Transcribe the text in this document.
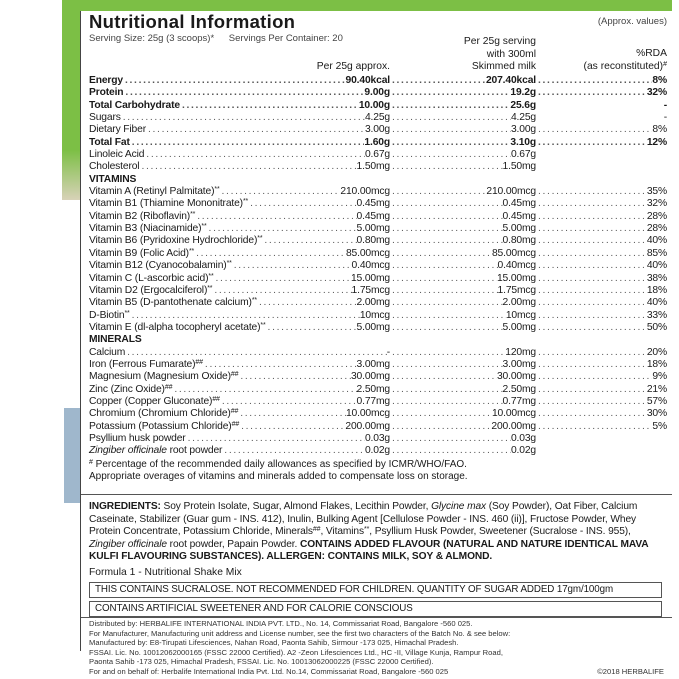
Nutritional Information	(Approx. values)
Serving Size: 25g (3 scoops)* Servings Per Container: 20
Per 25g approx.
Per 25g serving
with 300ml
Skimmed milk
%RDA
(as reconstituted)#
Energy . . .	90.40kcal . . .	207.40kcal . . .	8%
Protein . . .	9.00g . . .	19.2g . . .	32%
Total Carbohydrate . . .	10.00g . . .	25.6g	-
Sugars . . .	4.25g . . .	4.25g	-
Dietary Fiber . . .	3.00g . . .	3.00g . . .	8%
Total Fat . . .	1.60g . . .	3.10g . . .	12%
Linoleic Acid . . .	0.67g . . .	0.67g
Cholesterol . . .	1.50mg . . .	1.50mg
VITAMINS
Vitamin A (Retinyl Palmitate)** . . .	210.00mcg . . .	210.00mcg . . .	35%
Vitamin B1 (Thiamine Mononitrate)** . . .	0.45mg . . .	0.45mg . . .	32%
Vitamin B2 (Riboflavin)** . . .	0.45mg . . .	0.45mg . . .	28%
Vitamin B3 (Niacinamide)** . . .	5.00mg . . .	5.00mg . . .	28%
Vitamin B6 (Pyridoxine Hydrochloride)** . . .	0.80mg . . .	0.80mg . . .	40%
Vitamin B9 (Folic Acid)** . . .	85.00mcg . . .	85.00mcg . . .	85%
Vitamin B12 (Cyanocobalamin)** . . .	0.40mcg . . .	0.40mcg . . .	40%
Vitamin C (L-ascorbic acid)** . . .	15.00mg . . .	15.00mg . . .	38%
Vitamin D2 (Ergocalciferol)** . . .	1.75mcg . . .	1.75mcg . . .	18%
Vitamin B5 (D-pantothenate calcium)** . . .	2.00mg . . .	2.00mg . . .	40%
D-Biotin** . . .	10mcg . . .	10mcg . . .	33%
Vitamin E (dl-alpha tocopheryl acetate)** . . .	5.00mg . . .	5.00mg . . .	50%
MINERALS
Calcium . . .	- . . .	120mg . . .	20%
Iron (Ferrous Fumarate)## . . .	3.00mg . . .	3.00mg . . .	18%
Magnesium (Magnesium Oxide)## . . .	30.00mg . . .	30.00mg . . .	9%
Zinc (Zinc Oxide)## . . .	2.50mg . . .	2.50mg . . .	21%
Copper (Copper Gluconate)## . . .	0.77mg . . .	0.77mg . . .	57%
Chromium (Chromium Chloride)## . . .	10.00mcg . . .	10.00mcg . . .	30%
Potassium (Potassium Chloride)## . . .	200.00mg . . .	200.00mg . . .	5%
Psyllium husk powder . . .	0.03g . . .	0.03g
Zingiber officinale root powder . . .	0.02g . . .	0.02g
# Percentage of the recommended daily allowances as specified by ICMR/WHO/FAO.
Appropriate overages of vitamins and minerals added to compensate loss on storage.
INGREDIENTS: Soy Protein Isolate, Sugar, Almond Flakes, Lecithin Powder, Glycine max (Soy Powder), Oat Fiber, Calcium Caseinate, Stabilizer (Guar gum - INS. 412), Inulin, Bulking Agent [Cellulose Powder - INS. 460 (ii)], Fructose Powder, Whey Protein Concentrate, Potassium Chloride, Minerals##, Vitamins**, Psyllium Husk Powder, Sweetener (Sucralose - INS. 955), Zingiber officinale root powder, Papain Powder. CONTAINS ADDED FLAVOUR (NATURAL AND NATURE IDENTICAL MAVA KULFI FLAVOURING SUBSTANCES). ALLERGEN: CONTAINS MILK, SOY & ALMOND.
Formula 1 - Nutritional Shake Mix
THIS CONTAINS SUCRALOSE. NOT RECOMMENDED FOR CHILDREN. QUANTITY OF SUGAR ADDED 17gm/100gm
CONTAINS ARTIFICIAL SWEETENER AND FOR CALORIE CONSCIOUS
Distributed by: HERBALIFE INTERNATIONAL INDIA PVT. LTD., No. 14, Commissariat Road, Bangalore -560 025.
For Manufacturer, Manufacturing unit address and License number, see the first two characters of the Batch No. & see below:
Manufactured by: E8-Tirupati Lifesciences, Nahan Road, Paonta Sahib, Sirmour -173 025, Himachal Pradesh.
FSSAI. Lic. No. 10012062000165 (FSSC 22000 Certified). A2 -Zeon Lifesciences Ltd., HC -II, Village Kunja, Rampur Road,
Paonta Sahib -173 025, Himachal Pradesh, FSSAI. Lic. No. 10013062000225 (FSSC 22000 Certified).
For and on behalf of: Herbalife International India Pvt. Ltd. No.14, Commissariat Road, Bangalore -560 025	©2018 HERBALIFE
